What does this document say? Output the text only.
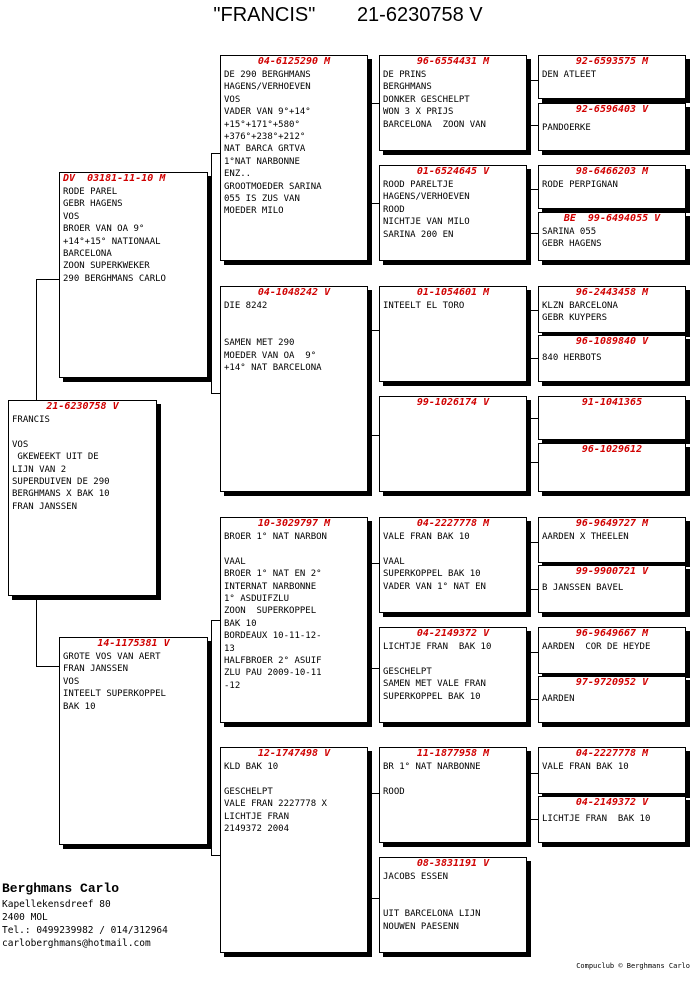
"FRANCIS" 21-6230758 V
21-6230758 V
FRANCIS

VOS
GKEWEEKT UIT DE
LIJN VAN 2
SUPERDUIVEN DE 290
BERGHMANS X BAK 10
FRAN JANSSEN
DV  03181-11-10 M
RODE PAREL
GEBR HAGENS
VOS
BROER VAN OA 9°
+14°+15° NATIONAAL
BARCELONA
ZOON SUPERKWEKER
290 BERGHMANS CARLO
14-1175381 V
GROTE VOS VAN AERT
FRAN JANSSEN
VOS
INTEELT SUPERKOPPEL
BAK 10
04-6125290 M
DE 290 BERGHMANS
HAGENS/VERHOEVEN
VOS
VADER VAN 9°+14°
+15°+171°+580°
+376°+238°+212°
NAT BARCA GRTVA
1°NAT NARBONNE
ENZ..
GROOTMOEDER SARINA
055 IS ZUS VAN
MOEDER MILO
04-1048242 V
DIE 8242

SAMEN MET 290
MOEDER VAN OA  9°
+14° NAT BARCELONA
10-3029797 M
BROER 1° NAT NARBON

VAAL
BROER 1° NAT EN 2°
INTERNAT NARBONNE
1° ASDUIFZLU
ZOON  SUPERKOPPEL
BAK 10
BORDEAUX 10-11-12-
13
HALFBROER 2° ASUIF
ZLU PAU 2009-10-11
-12
12-1747498 V
KLD BAK 10

GESCHELPT
VALE FRAN 2227778 X
LICHTJE FRAN
2149372 2004
96-6554431 M
DE PRINS
BERGHMANS
DONKER GESCHELPT
WON 3 X PRIJS
BARCELONA  ZOON VAN
01-6524645 V
ROOD PARELTJE
HAGENS/VERHOEVEN
ROOD
NICHTJE VAN MILO
SARINA 200 EN
01-1054601 M
INTEELT EL TORO
99-1026174 V
04-2227778 M
VALE FRAN BAK 10

VAAL
SUPERKOPPEL BAK 10
VADER VAN 1° NAT EN
04-2149372 V
LICHTJE FRAN  BAK 10

GESCHELPT
SAMEN MET VALE FRAN
SUPERKOPPEL BAK 10
11-1877958 M
BR 1° NAT NARBONNE

ROOD
08-3831191 V
JACOBS ESSEN

UIT BARCELONA LIJN
NOUWEN PAESENN
92-6593575 M
DEN ATLEET
92-6596403 V
PANDOERKE
98-6466203 M
RODE PERPIGNAN
BE  99-6494055 V
SARINA 055
GEBR HAGENS
96-2443458 M
KLZN BARCELONA
GEBR KUYPERS
96-1089840 V
840 HERBOTS
91-1041365
96-1029612
96-9649727 M
AARDEN X THEELEN
99-9900721 V
B JANSSEN BAVEL
96-9649667 M
AARDEN  COR DE HEYDE
97-9720952 V
AARDEN
04-2227778 M
VALE FRAN BAK 10
04-2149372 V
LICHTJE FRAN  BAK 10
Berghmans Carlo
Kapellekensdreef 80
2400 MOL
Tel.: 0499239982 / 014/312964
carloberghmans@hotmail.com
Compuclub © Berghmans Carlo
